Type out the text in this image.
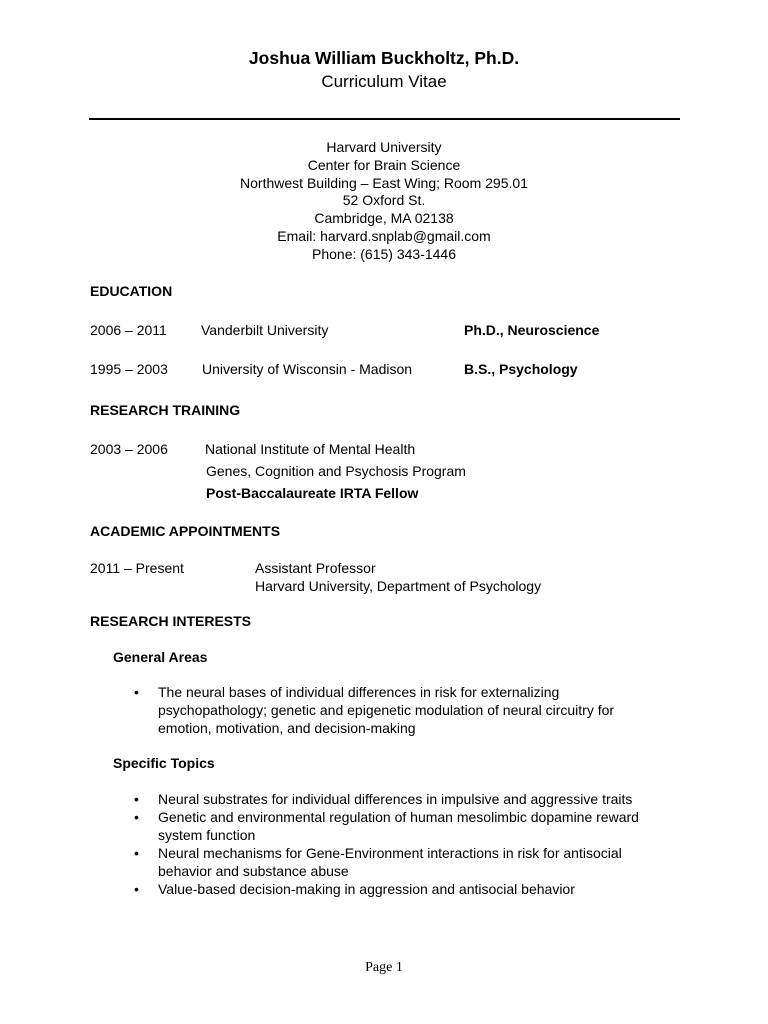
Joshua William Buckholtz, Ph.D.
Curriculum Vitae
Harvard University
Center for Brain Science
Northwest Building – East Wing; Room 295.01
52 Oxford St.
Cambridge, MA 02138
Email: harvard.snplab@gmail.com
Phone: (615) 343-1446
EDUCATION
2006 – 2011 Vanderbilt University	Ph.D., Neuroscience
1995 – 2003 University of Wisconsin - Madison	B.S., Psychology
RESEARCH TRAINING
2003 – 2006	National Institute of Mental Health
Genes, Cognition and Psychosis Program
Post-Baccalaureate IRTA Fellow
ACADEMIC APPOINTMENTS
2011 – Present	Assistant Professor
Harvard University, Department of Psychology
RESEARCH INTERESTS
General Areas
• The neural bases of individual differences in risk for externalizing
psychopathology; genetic and epigenetic modulation of neural circuitry for
emotion, motivation, and decision-making
Specific Topics
• Neural substrates for individual differences in impulsive and aggressive traits
• Genetic and environmental regulation of human mesolimbic dopamine reward
system function
• Neural mechanisms for Gene-Environment interactions in risk for antisocial
behavior and substance abuse
• Value-based decision-making in aggression and antisocial behavior
Page 1
